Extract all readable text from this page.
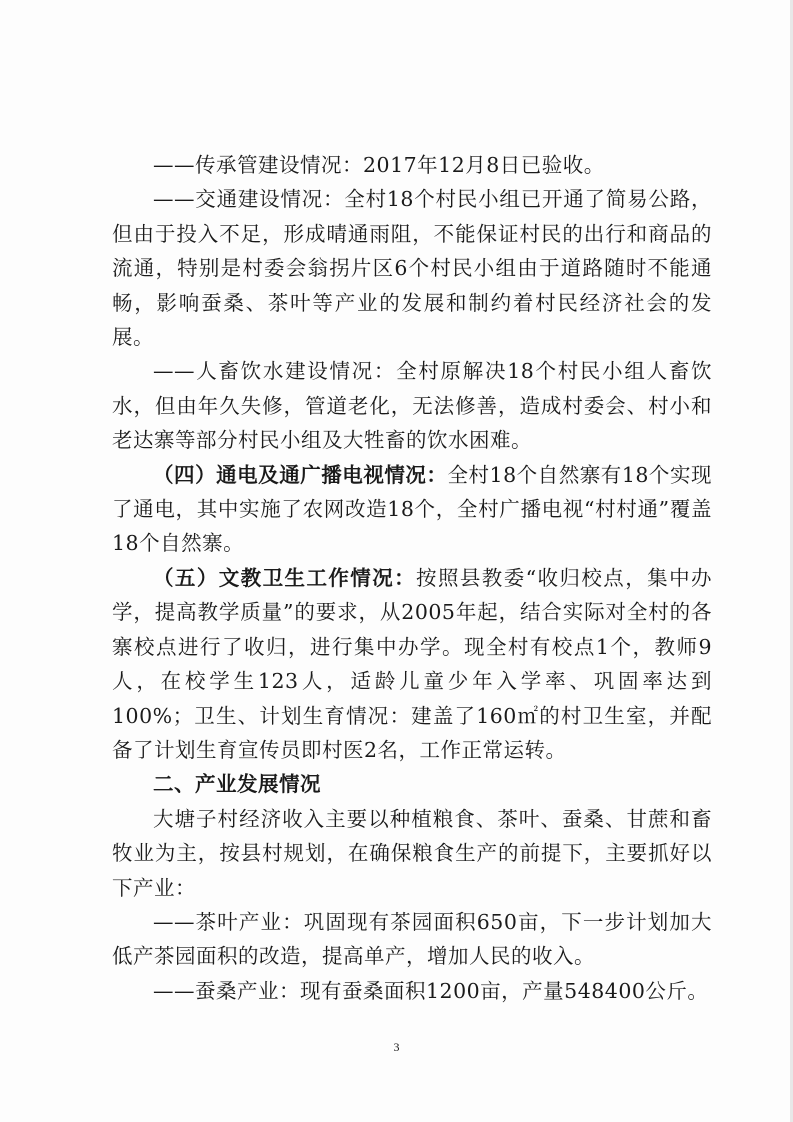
——传承管建设情况：2017年12月8日已验收。

——交通建设情况：全村18个村民小组已开通了简易公路，但由于投入不足，形成晴通雨阻，不能保证村民的出行和商品的流通，特别是村委会翁拐片区6个村民小组由于道路随时不能通畅，影响蚕桑、茶叶等产业的发展和制约着村民经济社会的发展。

——人畜饮水建设情况：全村原解决18个村民小组人畜饮水，但由年久失修，管道老化，无法修善，造成村委会、村小和老达寨等部分村民小组及大牲畜的饮水困难。

（四）通电及通广播电视情况：全村18个自然寨有18个实现了通电，其中实施了农网改造18个，全村广播电视“村村通”覆盖18个自然寨。

（五）文教卫生工作情况：按照县教委“收归校点，集中办学，提高教学质量”的要求，从2005年起，结合实际对全村的各寨校点进行了收归，进行集中办学。现全村有校点1个，教师9人，在校学生123人，适龄儿童少年入学率、巩固率达到100%；卫生、计划生育情况：建盖了160㎡的村卫生室，并配备了计划生育宣传员即村医2名，工作正常运转。

二、产业发展情况

大塘子村经济收入主要以种植粮食、茶叶、蚕桑、甘蔗和畜牧业为主，按县村规划，在确保粮食生产的前提下，主要抓好以下产业：

——茶叶产业：巩固现有茶园面积650亩，下一步计划加大低产茶园面积的改造，提高单产，增加人民的收入。

——蚕桑产业：现有蚕桑面积1200亩，产量548400公斤。

3
